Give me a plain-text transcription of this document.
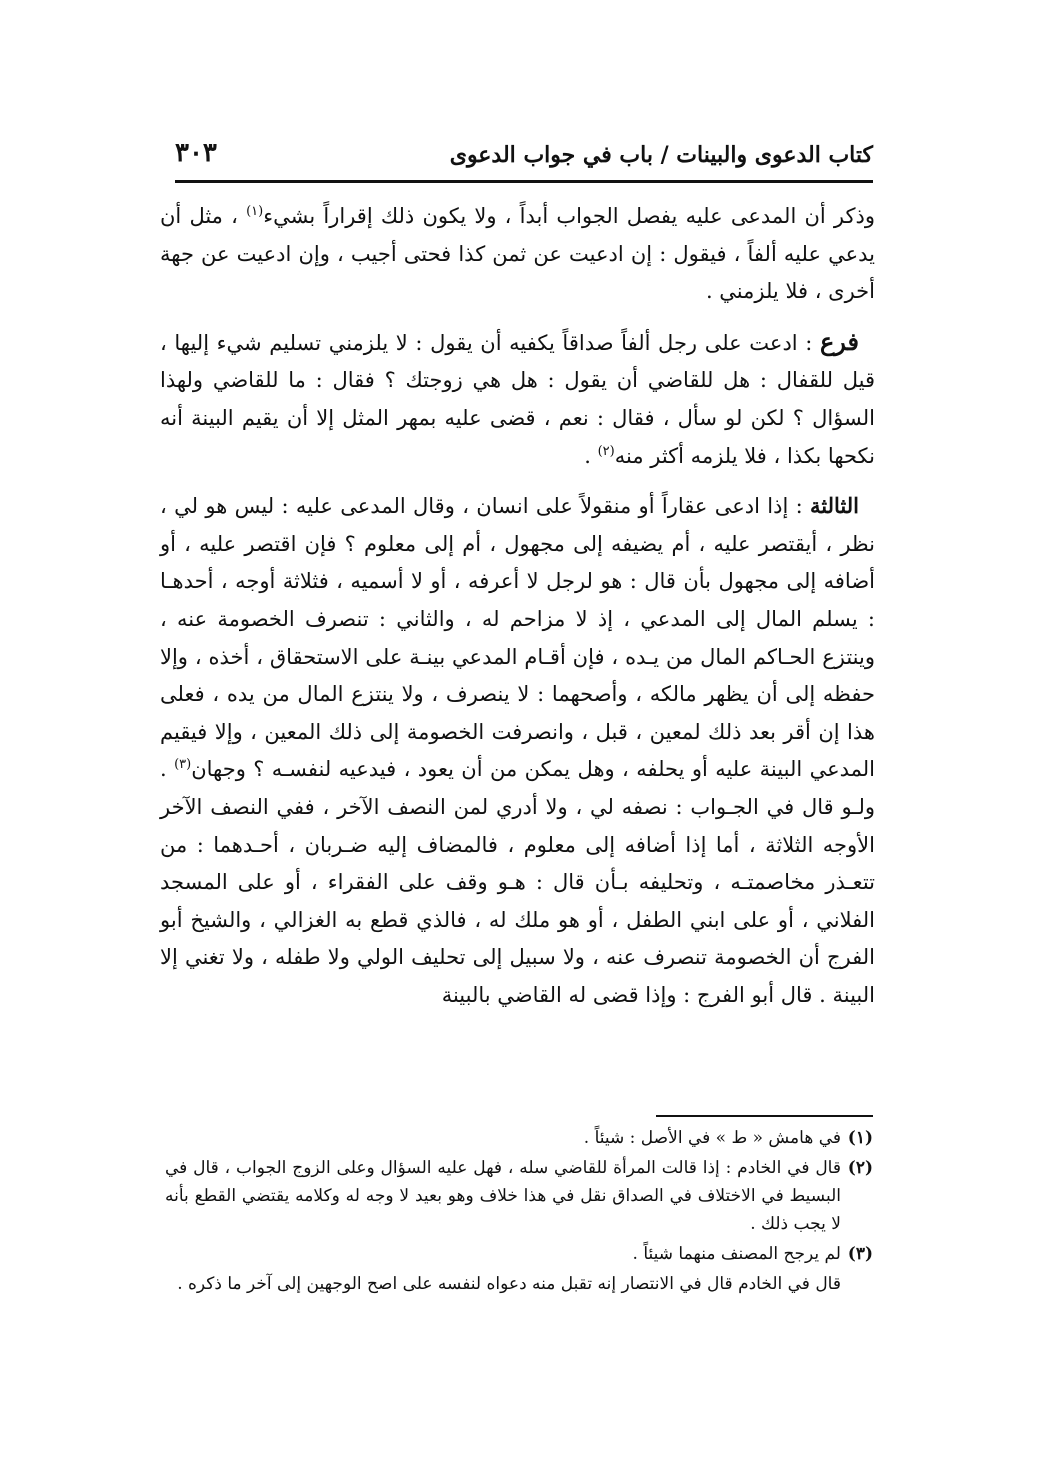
كتاب الدعوى والبينات / باب في جواب الدعوى
٣٠٣

وذكر أن المدعى عليه يفصل الجواب أبداً ، ولا يكون ذلك إقراراً بشيء$^{(١)}$ ، مثل أن يدعي عليه ألفاً ، فيقول : إن ادعيت عن ثمن كذا فحتى أجيب ، وإن ادعيت عن جهة أخرى ، فلا يلزمني .

فرع : ادعت على رجل ألفاً صداقاً يكفيه أن يقول : لا يلزمني تسليم شيء إليها ، قيل للقفال : هل للقاضي أن يقول : هل هي زوجتك ؟ فقال : ما للقاضي ولهذا السؤال ؟ لكن لو سأل ، فقال : نعم ، قضى عليه بمهر المثل إلا أن يقيم البينة أنه نكحها بكذا ، فلا يلزمه أكثر منه$^{(٢)}$ .

الثالثة : إذا ادعى عقاراً أو منقولاً على انسان ، وقال المدعى عليه : ليس هو لي ، نظر ، أيقتصر عليه ، أم يضيفه إلى مجهول ، أم إلى معلوم ؟ فإن اقتصر عليه ، أو أضافه إلى مجهول بأن قال : هو لرجل لا أعرفه ، أو لا أسميه ، فثلاثة أوجه ، أحدهـا : يسلم المال إلى المدعي ، إذ لا مزاحم له ، والثاني : تنصرف الخصومة عنه ، وينتزع الحـاكم المال من يـده ، فإن أقـام المدعي بينـة على الاستحقاق ، أخذه ، وإلا حفظه إلى أن يظهر مالكه ، وأصحهما : لا ينصرف ، ولا ينتزع المال من يده ، فعلى هذا إن أقر بعد ذلك لمعين ، قبل ، وانصرفت الخصومة إلى ذلك المعين ، وإلا فيقيم المدعي البينة عليه أو يحلفه ، وهل يمكن من أن يعود ، فيدعيه لنفسـه ؟ وجهان$^{(٣)}$ . ولـو قال في الجـواب : نصفه لي ، ولا أدري لمن النصف الآخر ، ففي النصف الآخر الأوجه الثلاثة ، أما إذا أضافه إلى معلوم ، فالمضاف إليه ضـربان ، أحـدهما : من تتعـذر مخاصمتـه ، وتحليفه بـأن قال : هـو وقف على الفقراء ، أو على المسجد الفلاني ، أو على ابني الطفل ، أو هو ملك له ، فالذي قطع به الغزالي ، والشيخ أبو الفرج أن الخصومة تنصرف عنه ، ولا سبيل إلى تحليف الولي ولا طفله ، ولا تغني إلا البينة . قال أبو الفرج : وإذا قضى له القاضي بالبينة

(١)
في هامش « ط » في الأصل : شيئاً .
(٢)
قال في الخادم : إذا قالت المرأة للقاضي سله ، فهل عليه السؤال وعلى الزوج الجواب ، قال في البسيط في الاختلاف في الصداق نقل في هذا خلاف وهو بعيد لا وجه له وكلامه يقتضي القطع بأنه لا يجب ذلك .
(٣)
لم يرجح المصنف منهما شيئاً .

قال في الخادم قال في الانتصار إنه تقبل منه دعواه لنفسه على اصح الوجهين إلى آخر ما ذكره .
